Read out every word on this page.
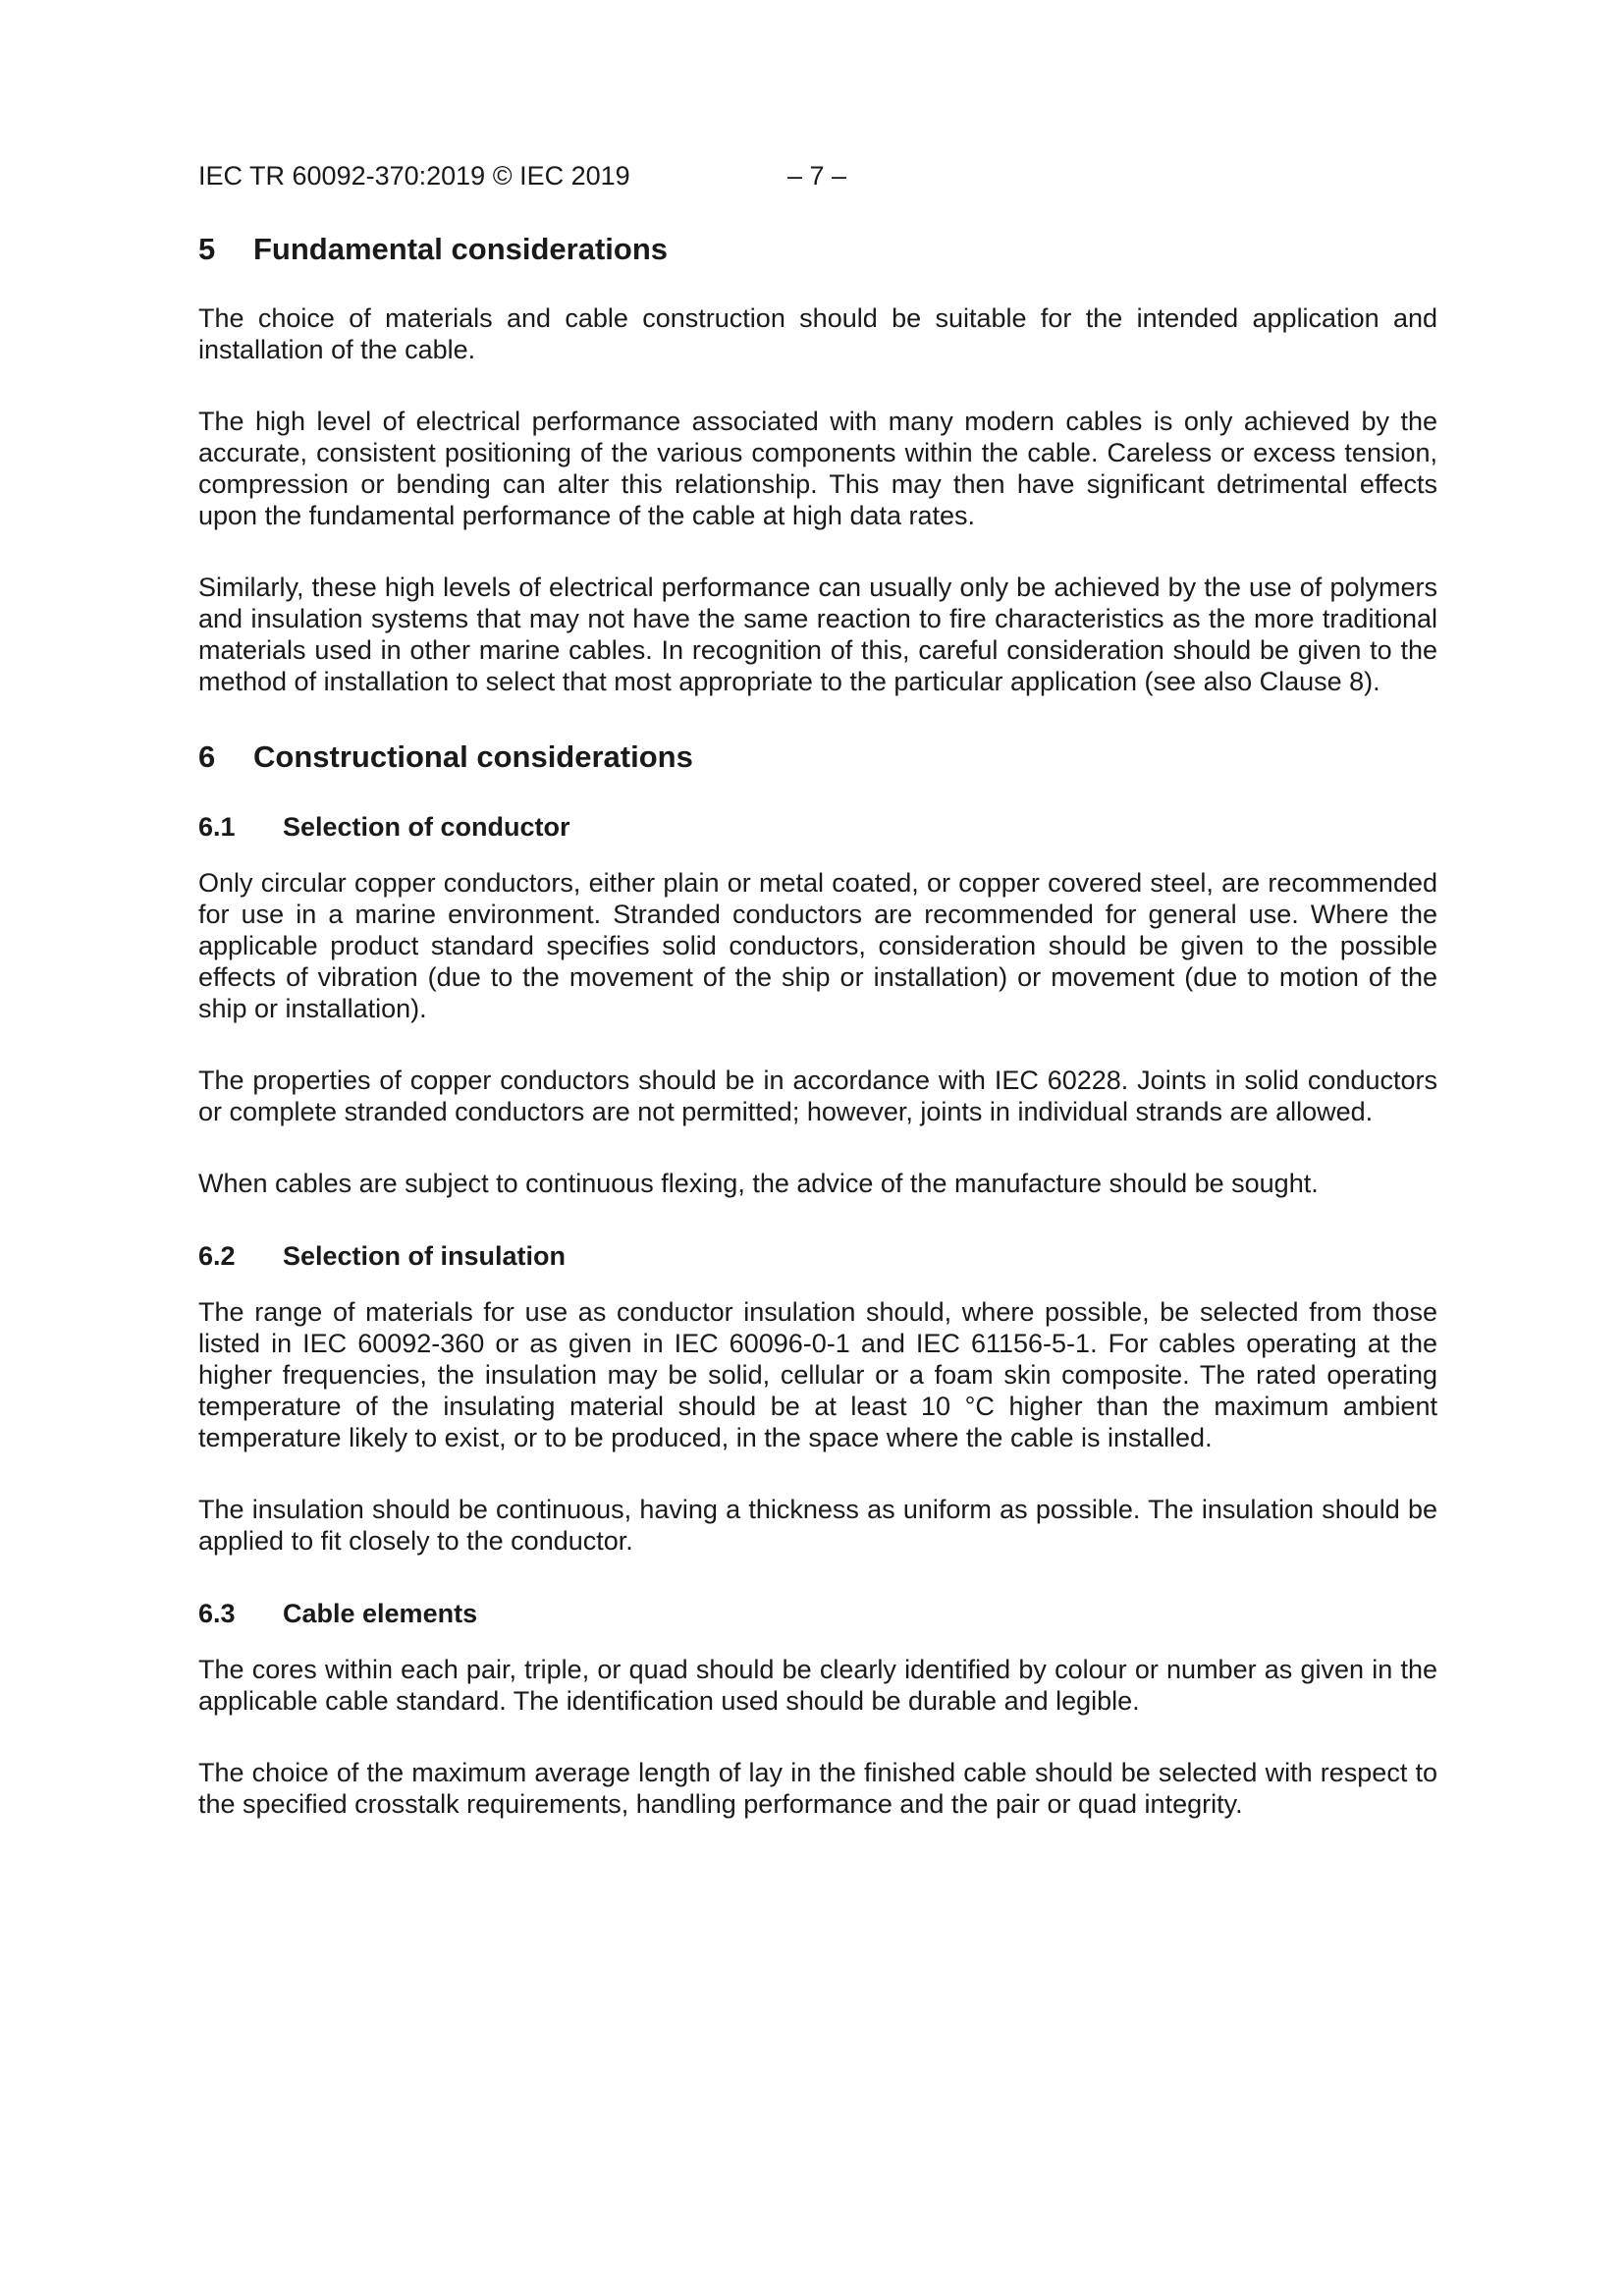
IEC TR 60092-370:2019 © IEC 2019	– 7 –
5	Fundamental considerations

The choice of materials and cable construction should be suitable for the intended application and installation of the cable.

The high level of electrical performance associated with many modern cables is only achieved by the accurate, consistent positioning of the various components within the cable. Careless or excess tension, compression or bending can alter this relationship. This may then have significant detrimental effects upon the fundamental performance of the cable at high data rates.

Similarly, these high levels of electrical performance can usually only be achieved by the use of polymers and insulation systems that may not have the same reaction to fire characteristics as the more traditional materials used in other marine cables. In recognition of this, careful consideration should be given to the method of installation to select that most appropriate to the particular application (see also Clause 8).

6	Constructional considerations
6.1	Selection of conductor

Only circular copper conductors, either plain or metal coated, or copper covered steel, are recommended for use in a marine environment. Stranded conductors are recommended for general use. Where the applicable product standard specifies solid conductors, consideration should be given to the possible effects of vibration (due to the movement of the ship or installation) or movement (due to motion of the ship or installation).

The properties of copper conductors should be in accordance with IEC 60228. Joints in solid conductors or complete stranded conductors are not permitted; however, joints in individual strands are allowed.

When cables are subject to continuous flexing, the advice of the manufacture should be sought.

6.2	Selection of insulation

The range of materials for use as conductor insulation should, where possible, be selected from those listed in IEC 60092-360 or as given in IEC 60096-0-1 and IEC 61156-5-1. For cables operating at the higher frequencies, the insulation may be solid, cellular or a foam skin composite. The rated operating temperature of the insulating material should be at least 10 °C higher than the maximum ambient temperature likely to exist, or to be produced, in the space where the cable is installed.

The insulation should be continuous, having a thickness as uniform as possible. The insulation should be applied to fit closely to the conductor.

6.3	Cable elements

The cores within each pair, triple, or quad should be clearly identified by colour or number as given in the applicable cable standard. The identification used should be durable and legible.

The choice of the maximum average length of lay in the finished cable should be selected with respect to the specified crosstalk requirements, handling performance and the pair or quad integrity.
